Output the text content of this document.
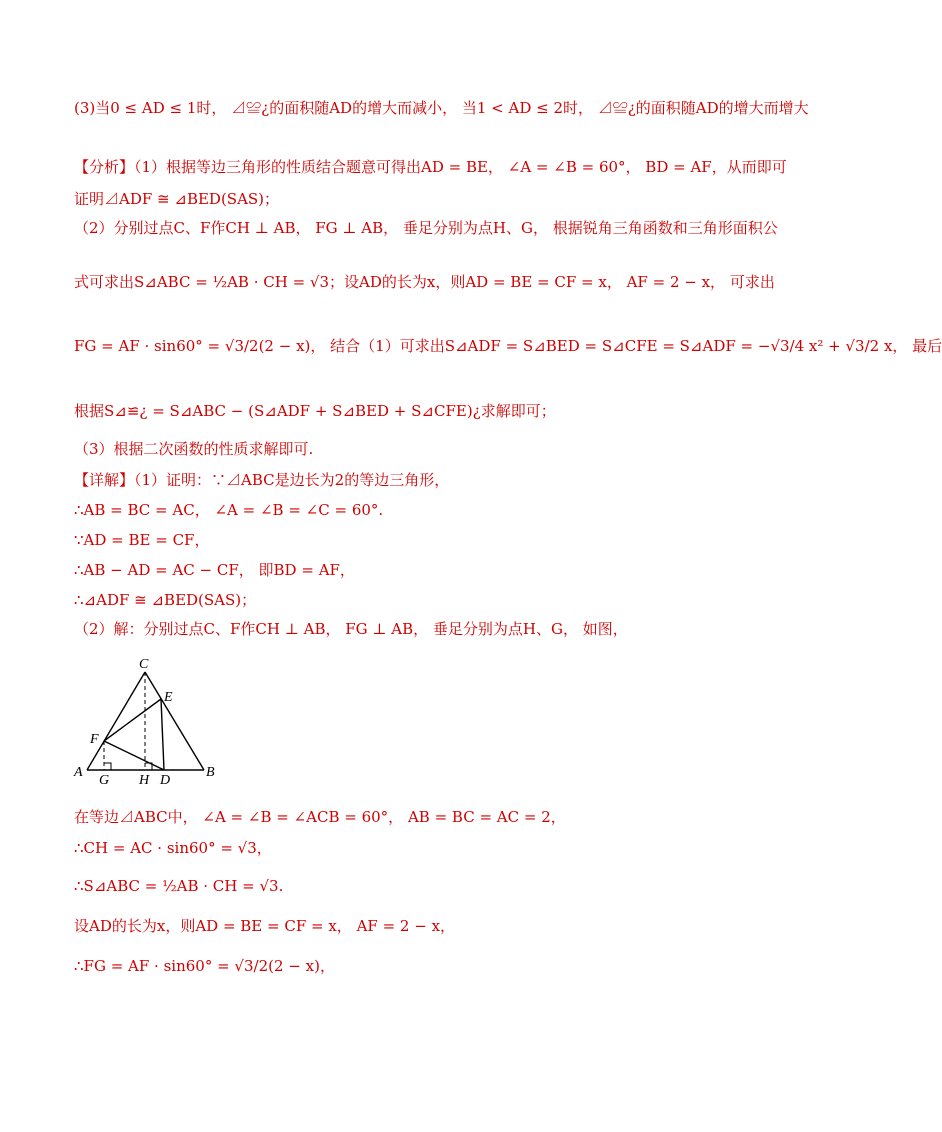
(3)当0 ≤ AD ≤ 1时， ⊿≌¿的面积随AD的增大而减小， 当1 < AD ≤ 2时， ⊿≌¿的面积随AD的增大而增大
【分析】（1）根据等边三角形的性质结合题意可得出AD = BE， ∠A = ∠B = 60°， BD = AF，从而即可
证明⊿ADF ≅ ⊿BED(SAS)；
（2）分别过点C、F作CH ⊥ AB， FG ⊥ AB， 垂足分别为点H、G， 根据锐角三角函数和三角形面积公
式可求出S⊿ABC = ½AB · CH = √3；设AD的长为x，则AD = BE = CF = x， AF = 2 − x， 可求出
FG = AF · sin60° = √3/2(2 − x)， 结合（1）可求出S⊿ADF = S⊿BED = S⊿CFE = S⊿ADF = −√3/4 x² + √3/2 x， 最后
根据S⊿≌¿ = S⊿ABC − (S⊿ADF + S⊿BED + S⊿CFE)¿求解即可；
（3）根据二次函数的性质求解即可.
【详解】（1）证明：∵⊿ABC是边长为2的等边三角形，
∴AB = BC = AC， ∠A = ∠B = ∠C = 60°.
∵AD = BE = CF，
∴AB − AD = AC − CF， 即BD = AF，
∴⊿ADF ≅ ⊿BED(SAS)；
（2）解：分别过点C、F作CH ⊥ AB， FG ⊥ AB， 垂足分别为点H、G， 如图，
C
E
F
A
G H D
B
在等边⊿ABC中， ∠A = ∠B = ∠ACB = 60°， AB = BC = AC = 2，
∴CH = AC · sin60° = √3，
∴S⊿ABC = ½AB · CH = √3.
设AD的长为x，则AD = BE = CF = x， AF = 2 − x，
∴FG = AF · sin60° = √3/2(2 − x)，
